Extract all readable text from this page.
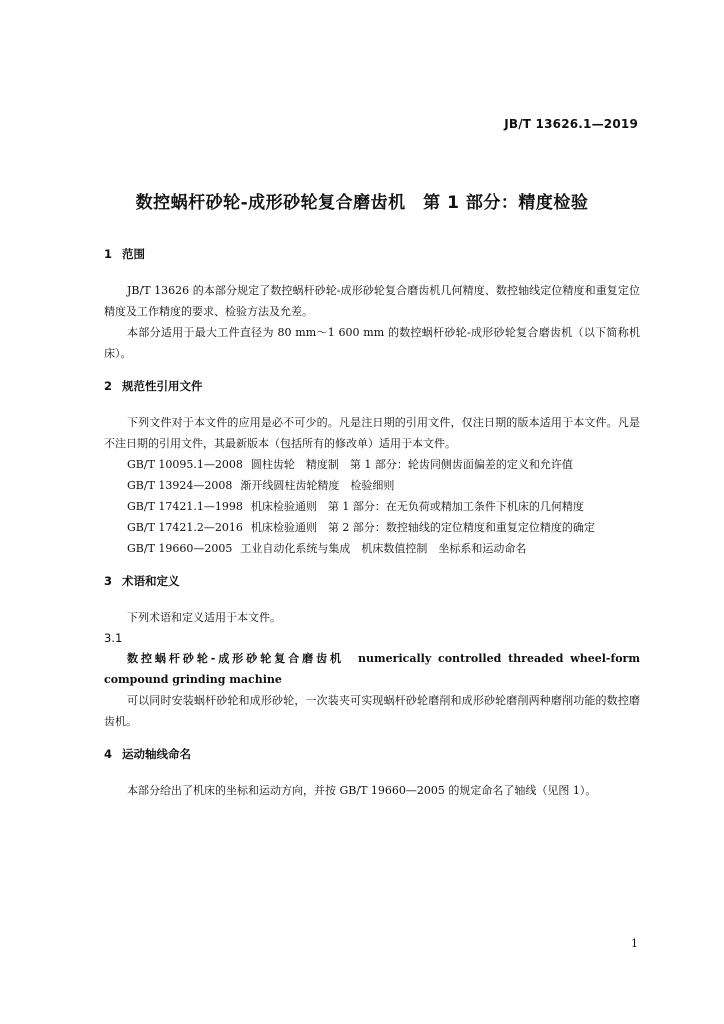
JB/T 13626.1—2019
数控蜗杆砂轮-成形砂轮复合磨齿机　第 1 部分：精度检验
1 范围

JB/T 13626 的本部分规定了数控蜗杆砂轮-成形砂轮复合磨齿机几何精度、数控轴线定位精度和重复定位精度及工作精度的要求、检验方法及允差。

本部分适用于最大工件直径为 80 mm～1 600 mm 的数控蜗杆砂轮-成形砂轮复合磨齿机（以下简称机床）。

2 规范性引用文件

下列文件对于本文件的应用是必不可少的。凡是注日期的引用文件，仅注日期的版本适用于本文件。凡是不注日期的引用文件，其最新版本（包括所有的修改单）适用于本文件。

GB/T 10095.1—2008 圆柱齿轮　精度制　第 1 部分：轮齿同侧齿面偏差的定义和允许值
GB/T 13924—2008 渐开线圆柱齿轮精度　检验细则
GB/T 17421.1—1998 机床检验通则　第 1 部分：在无负荷或精加工条件下机床的几何精度
GB/T 17421.2—2016 机床检验通则　第 2 部分：数控轴线的定位精度和重复定位精度的确定
GB/T 19660—2005 工业自动化系统与集成　机床数值控制　坐标系和运动命名
3 术语和定义

下列术语和定义适用于本文件。

3.1
数控蜗杆砂轮-成形砂轮复合磨齿机 numerically controlled threaded wheel-form compound grinding machine

可以同时安装蜗杆砂轮和成形砂轮，一次装夹可实现蜗杆砂轮磨削和成形砂轮磨削两种磨削功能的数控磨齿机。

4 运动轴线命名

本部分给出了机床的坐标和运动方向，并按 GB/T 19660—2005 的规定命名了轴线（见图 1）。

1
